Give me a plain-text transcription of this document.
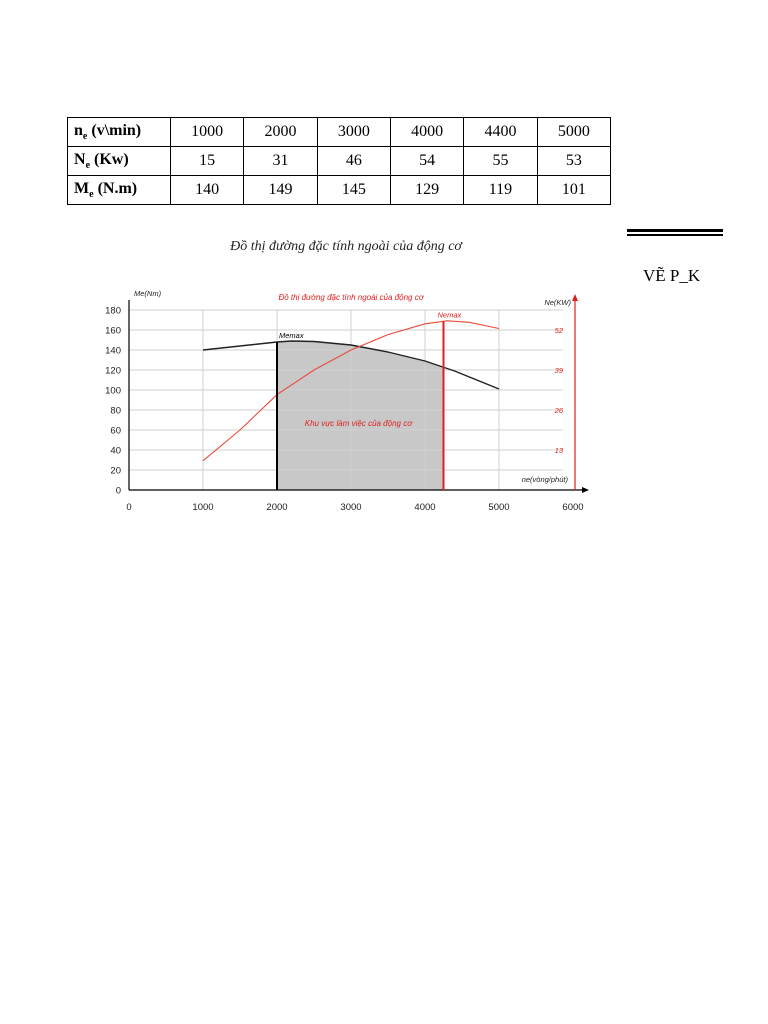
$n_e$ (v\min)	1000	2000	3000	4000	4400	5000
$N_e$ (Kw)	15	31	46	54	55	53
$M_e$ (N.m)	140	149	145	129	119	101
VẼ P_K
Đồ thị đường đặc tính ngoài của động cơ
0	1000	2000	3000	4000	5000	6000
0
20
40
60
80
100
120
140
160
180
13
26
39
52
Me(Nm)
Ne(KW)
ne(vòng/phút)
Đồ thị đường đặc tính ngoài của động cơ
Memax
Nemax
Khu vực làm việc của động cơ
